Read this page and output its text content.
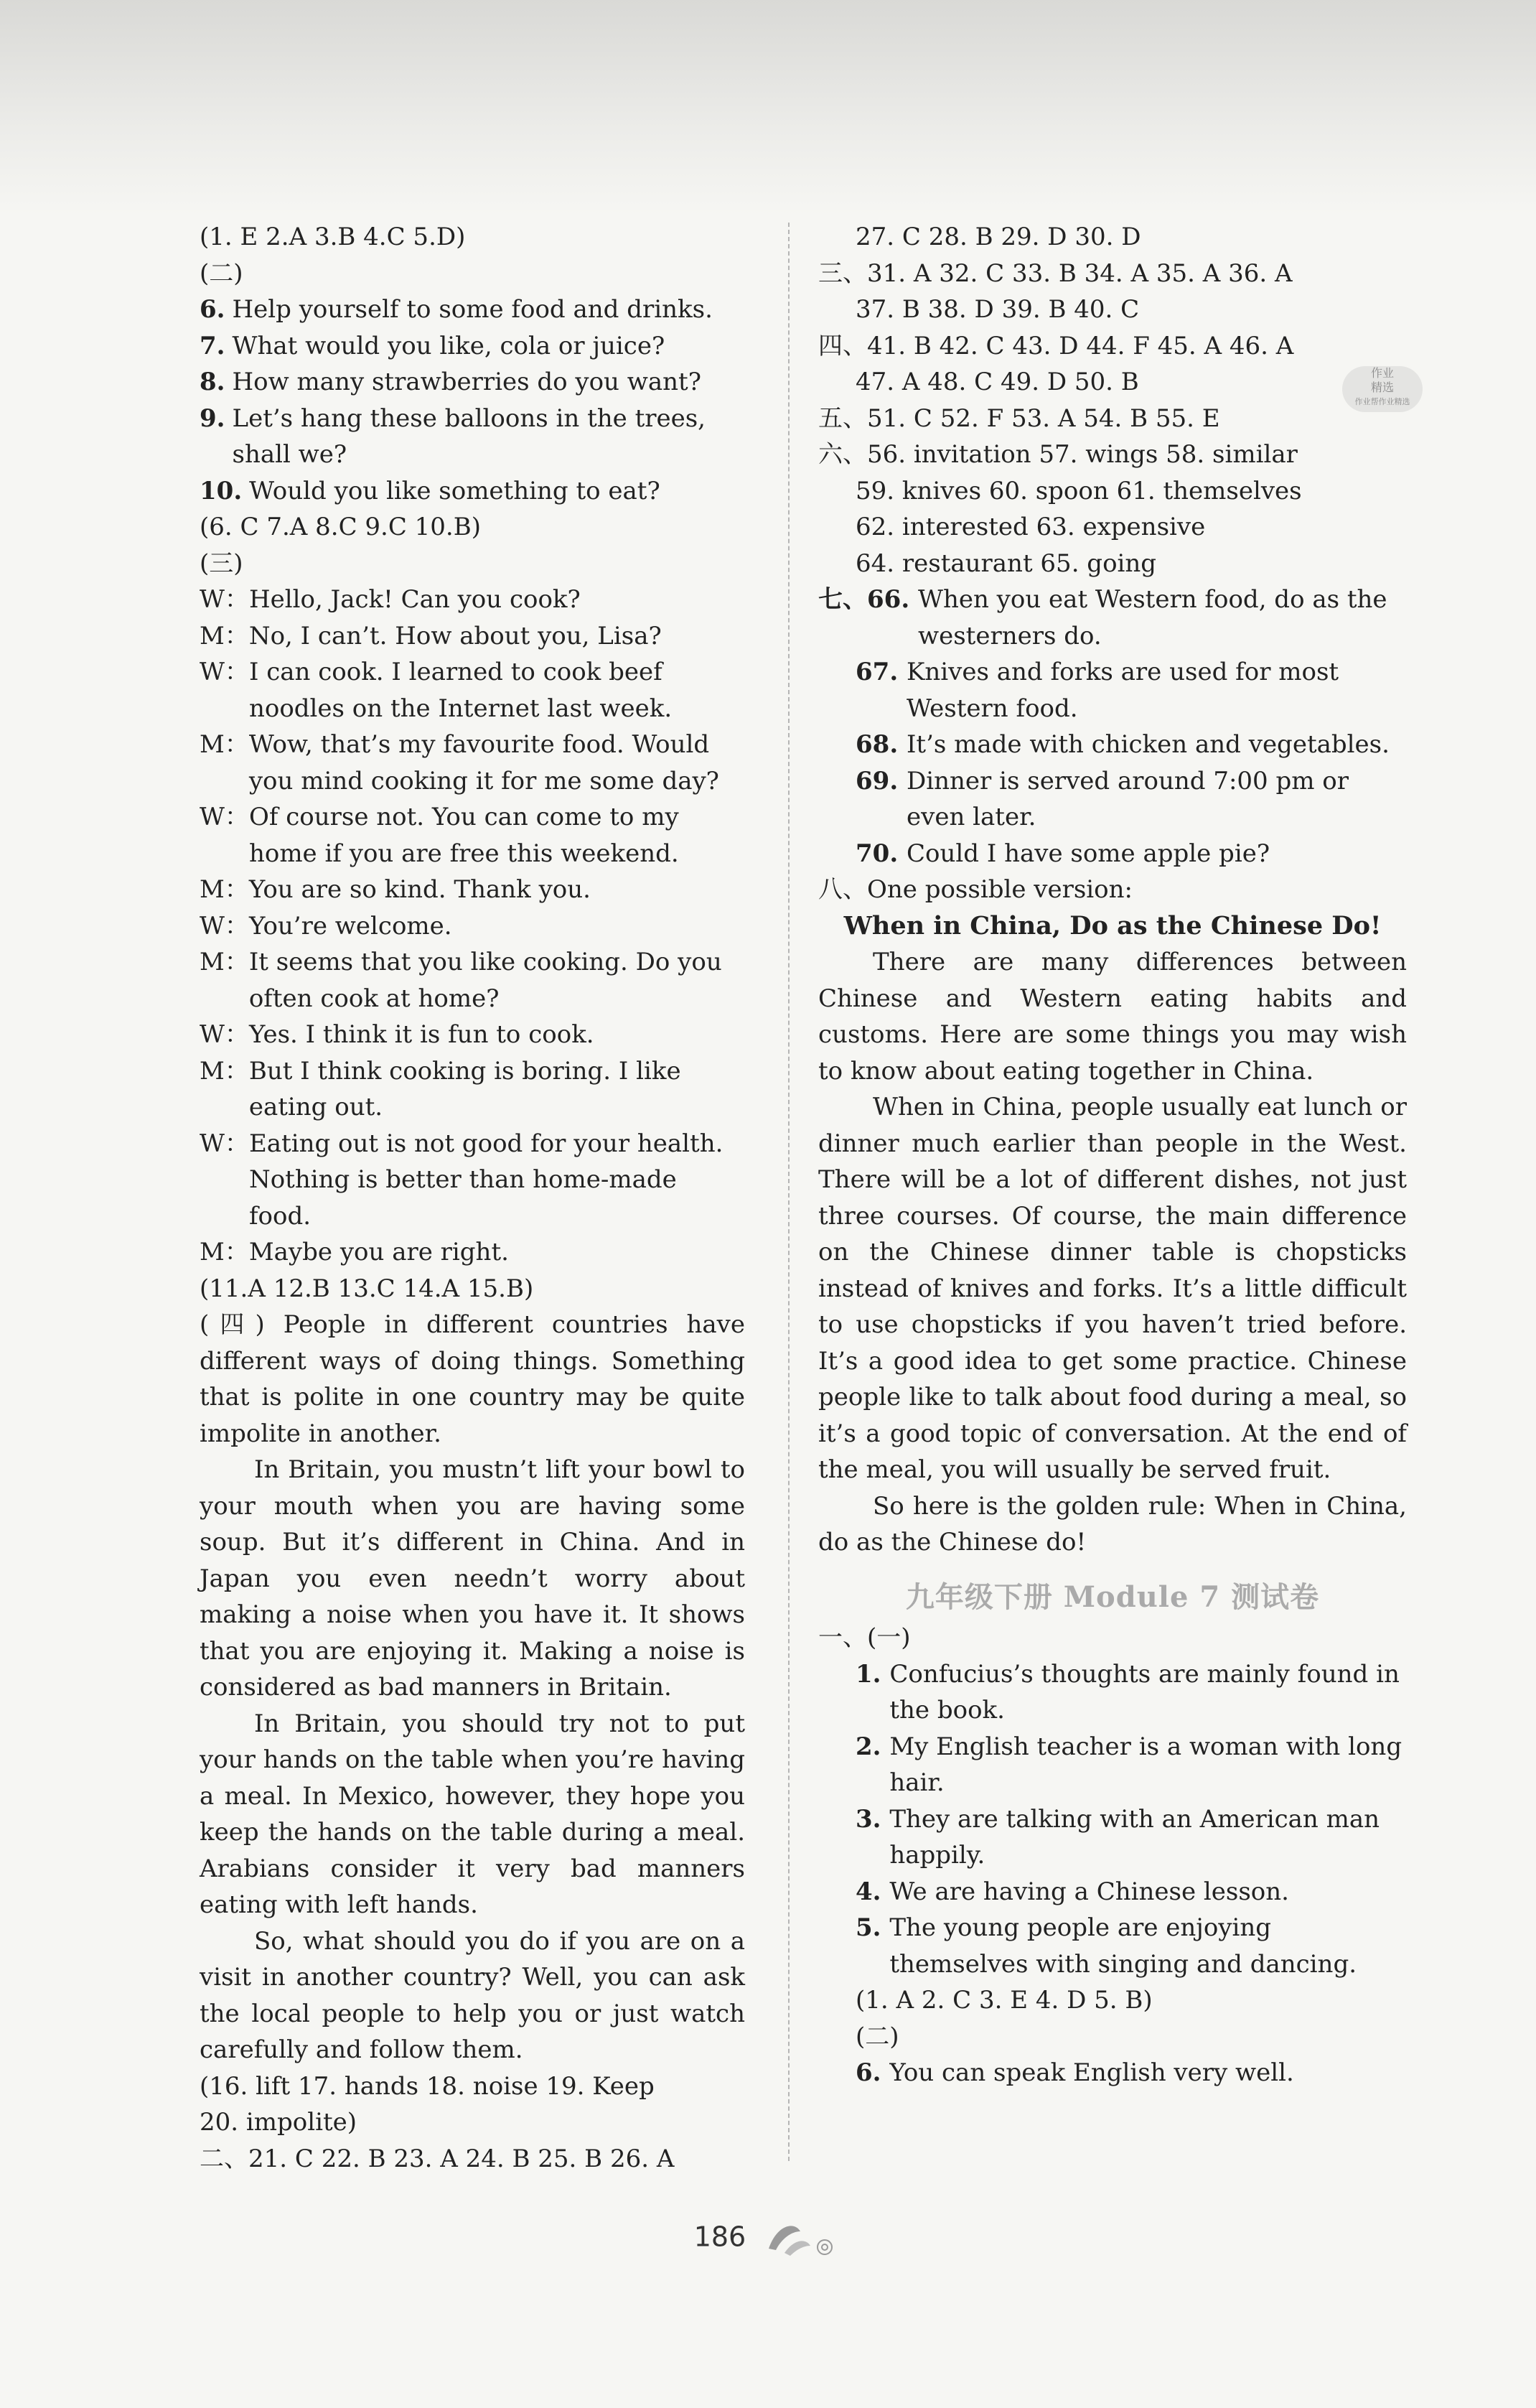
(1. E 2.A 3.B 4.C 5.D)
(二)
6. Help yourself to some food and drinks.
7. What would you like, cola or juice?
8. How many strawberries do you want?
9. Let’s hang these balloons in the trees, shall we?
10. Would you like something to eat?
(6. C 7.A 8.C 9.C 10.B)
(三)
W： Hello, Jack! Can you cook?
M： No, I can’t. How about you, Lisa?
W： I can cook. I learned to cook beef noodles on the Internet last week.
M： Wow, that’s my favourite food. Would you mind cooking it for me some day?
W： Of course not. You can come to my home if you are free this weekend.
M： You are so kind. Thank you.
W： You’re welcome.
M： It seems that you like cooking. Do you often cook at home?
W： Yes. I think it is fun to cook.
M： But I think cooking is boring. I like eating out.
W： Eating out is not good for your health. Nothing is better than home-made food.
M： Maybe you are right.
(11.A 12.B 13.C 14.A 15.B)
(四) People in different countries have different ways of doing things. Something that is polite in one country may be quite impolite in another.
In Britain, you mustn’t lift your bowl to your mouth when you are having some soup. But it’s different in China. And in Japan you even needn’t worry about making a noise when you have it. It shows that you are enjoying it. Making a noise is considered as bad manners in Britain.
In Britain, you should try not to put your hands on the table when you’re having a meal. In Mexico, however, they hope you keep the hands on the table during a meal. Arabians consider it very bad manners eating with left hands.
So, what should you do if you are on a visit in another country? Well, you can ask the local people to help you or just watch carefully and follow them.
(16. lift 17. hands 18. noise 19. Keep
20. impolite)
二、21. C 22. B 23. A 24. B 25. B 26. A
27. C 28. B 29. D 30. D
三、31. A 32. C 33. B 34. A 35. A 36. A
37. B 38. D 39. B 40. C
四、41. B 42. C 43. D 44. F 45. A 46. A
47. A 48. C 49. D 50. B
五、51. C 52. F 53. A 54. B 55. E
六、56. invitation 57. wings 58. similar
59. knives 60. spoon 61. themselves
62. interested 63. expensive
64. restaurant 65. going
七、66. When you eat Western food, do as the westerners do.
67. Knives and forks are used for most Western food.
68. It’s made with chicken and vegetables.
69. Dinner is served around 7:00 pm or even later.
70. Could I have some apple pie?
八、One possible version:
When in China, Do as the Chinese Do!
There are many differences between Chinese and Western eating habits and customs. Here are some things you may wish to know about eating together in China.
When in China, people usually eat lunch or dinner much earlier than people in the West. There will be a lot of different dishes, not just three courses. Of course, the main difference on the Chinese dinner table is chopsticks instead of knives and forks. It’s a little difficult to use chopsticks if you haven’t tried before. It’s a good idea to get some practice. Chinese people like to talk about food during a meal, so it’s a good topic of conversation. At the end of the meal, you will usually be served fruit.
So here is the golden rule: When in China, do as the Chinese do!
九年级下册 Module 7 测试卷
一、(一)
1. Confucius’s thoughts are mainly found in the book.
2. My English teacher is a woman with long hair.
3. They are talking with an American man happily.
4. We are having a Chinese lesson.
5. The young people are enjoying themselves with singing and dancing.
(1. A 2. C 3. E 4. D 5. B)
(二)
6. You can speak English very well.
作业
精选
作业帮作业精选
186
